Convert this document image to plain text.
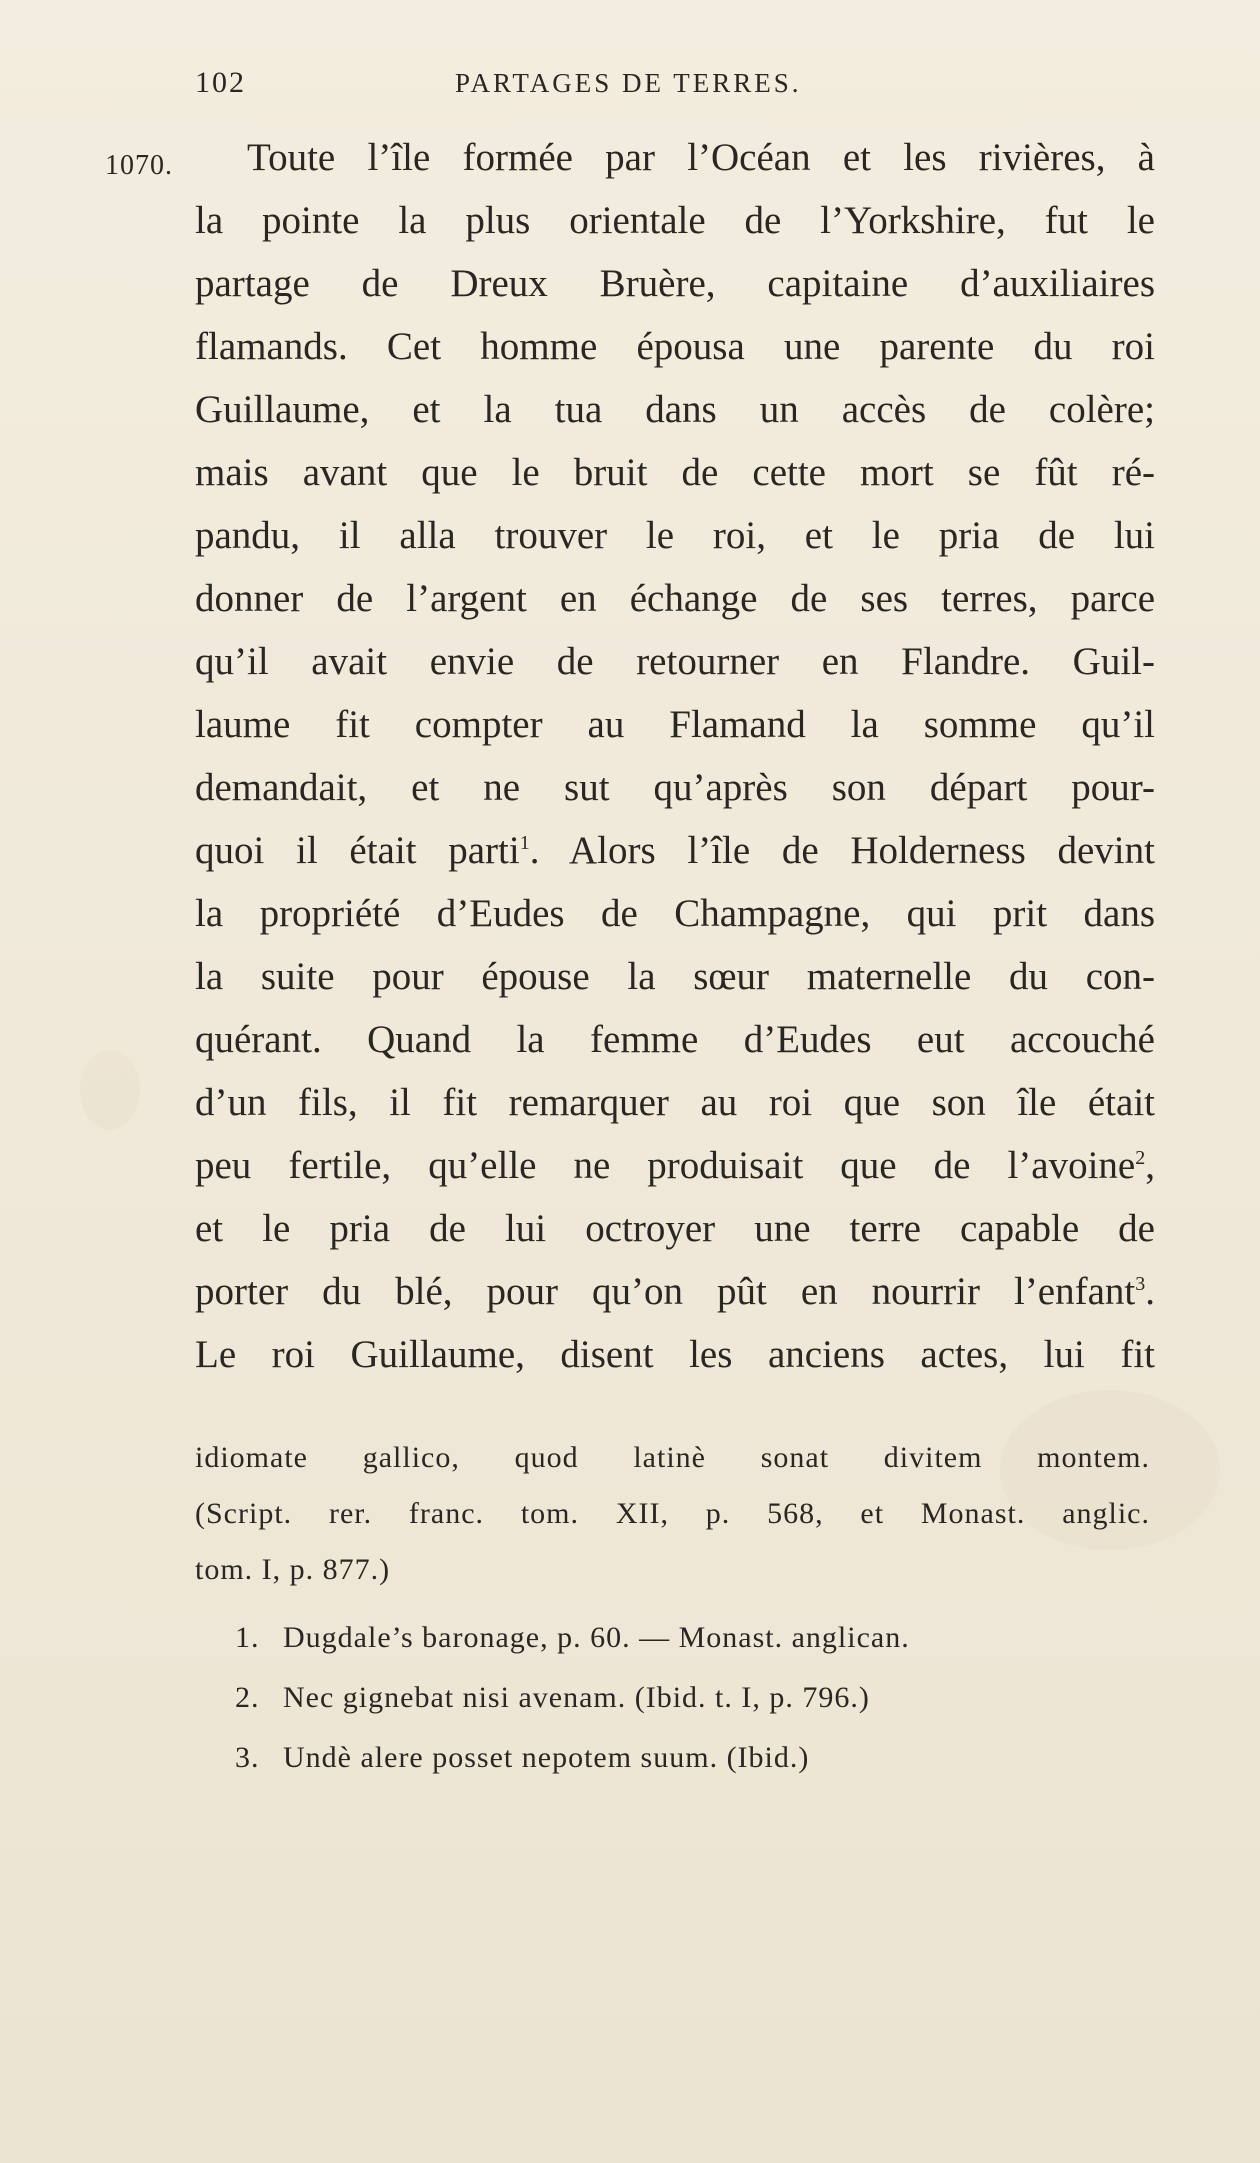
102	PARTAGES DE TERRES.
1070.	Toute l’île formée par l’Océan et les rivières, à
la pointe la plus orientale de l’Yorkshire, fut le
partage de Dreux Bruère, capitaine d’auxiliaires
flamands. Cet homme épousa une parente du roi
Guillaume, et la tua dans un accès de colère;
mais avant que le bruit de cette mort se fût ré-
pandu, il alla trouver le roi, et le pria de lui
donner de l’argent en échange de ses terres, parce
qu’il avait envie de retourner en Flandre. Guil-
laume fit compter au Flamand la somme qu’il
demandait, et ne sut qu’après son départ pour-
quoi il était parti$^1$. Alors l’île de Holderness devint
la propriété d’Eudes de Champagne, qui prit dans
la suite pour épouse la sœur maternelle du con-
quérant. Quand la femme d’Eudes eut accouché
d’un fils, il fit remarquer au roi que son île était
peu fertile, qu’elle ne produisait que de l’avoine$^2$,
et le pria de lui octroyer une terre capable de
porter du blé, pour qu’on pût en nourrir l’enfant$^3$.
Le roi Guillaume, disent les anciens actes, lui fit
idiomate gallico, quod latinè sonat divitem montem.
(Script. rer. franc. tom. XII, p. 568, et Monast. anglic.
tom. I, p. 877.)
1. Dugdale’s baronage, p. 60. — Monast. anglican.
2. Nec gignebat nisi avenam. (Ibid. t. I, p. 796.)
3. Undè alere posset nepotem suum. (Ibid.)
